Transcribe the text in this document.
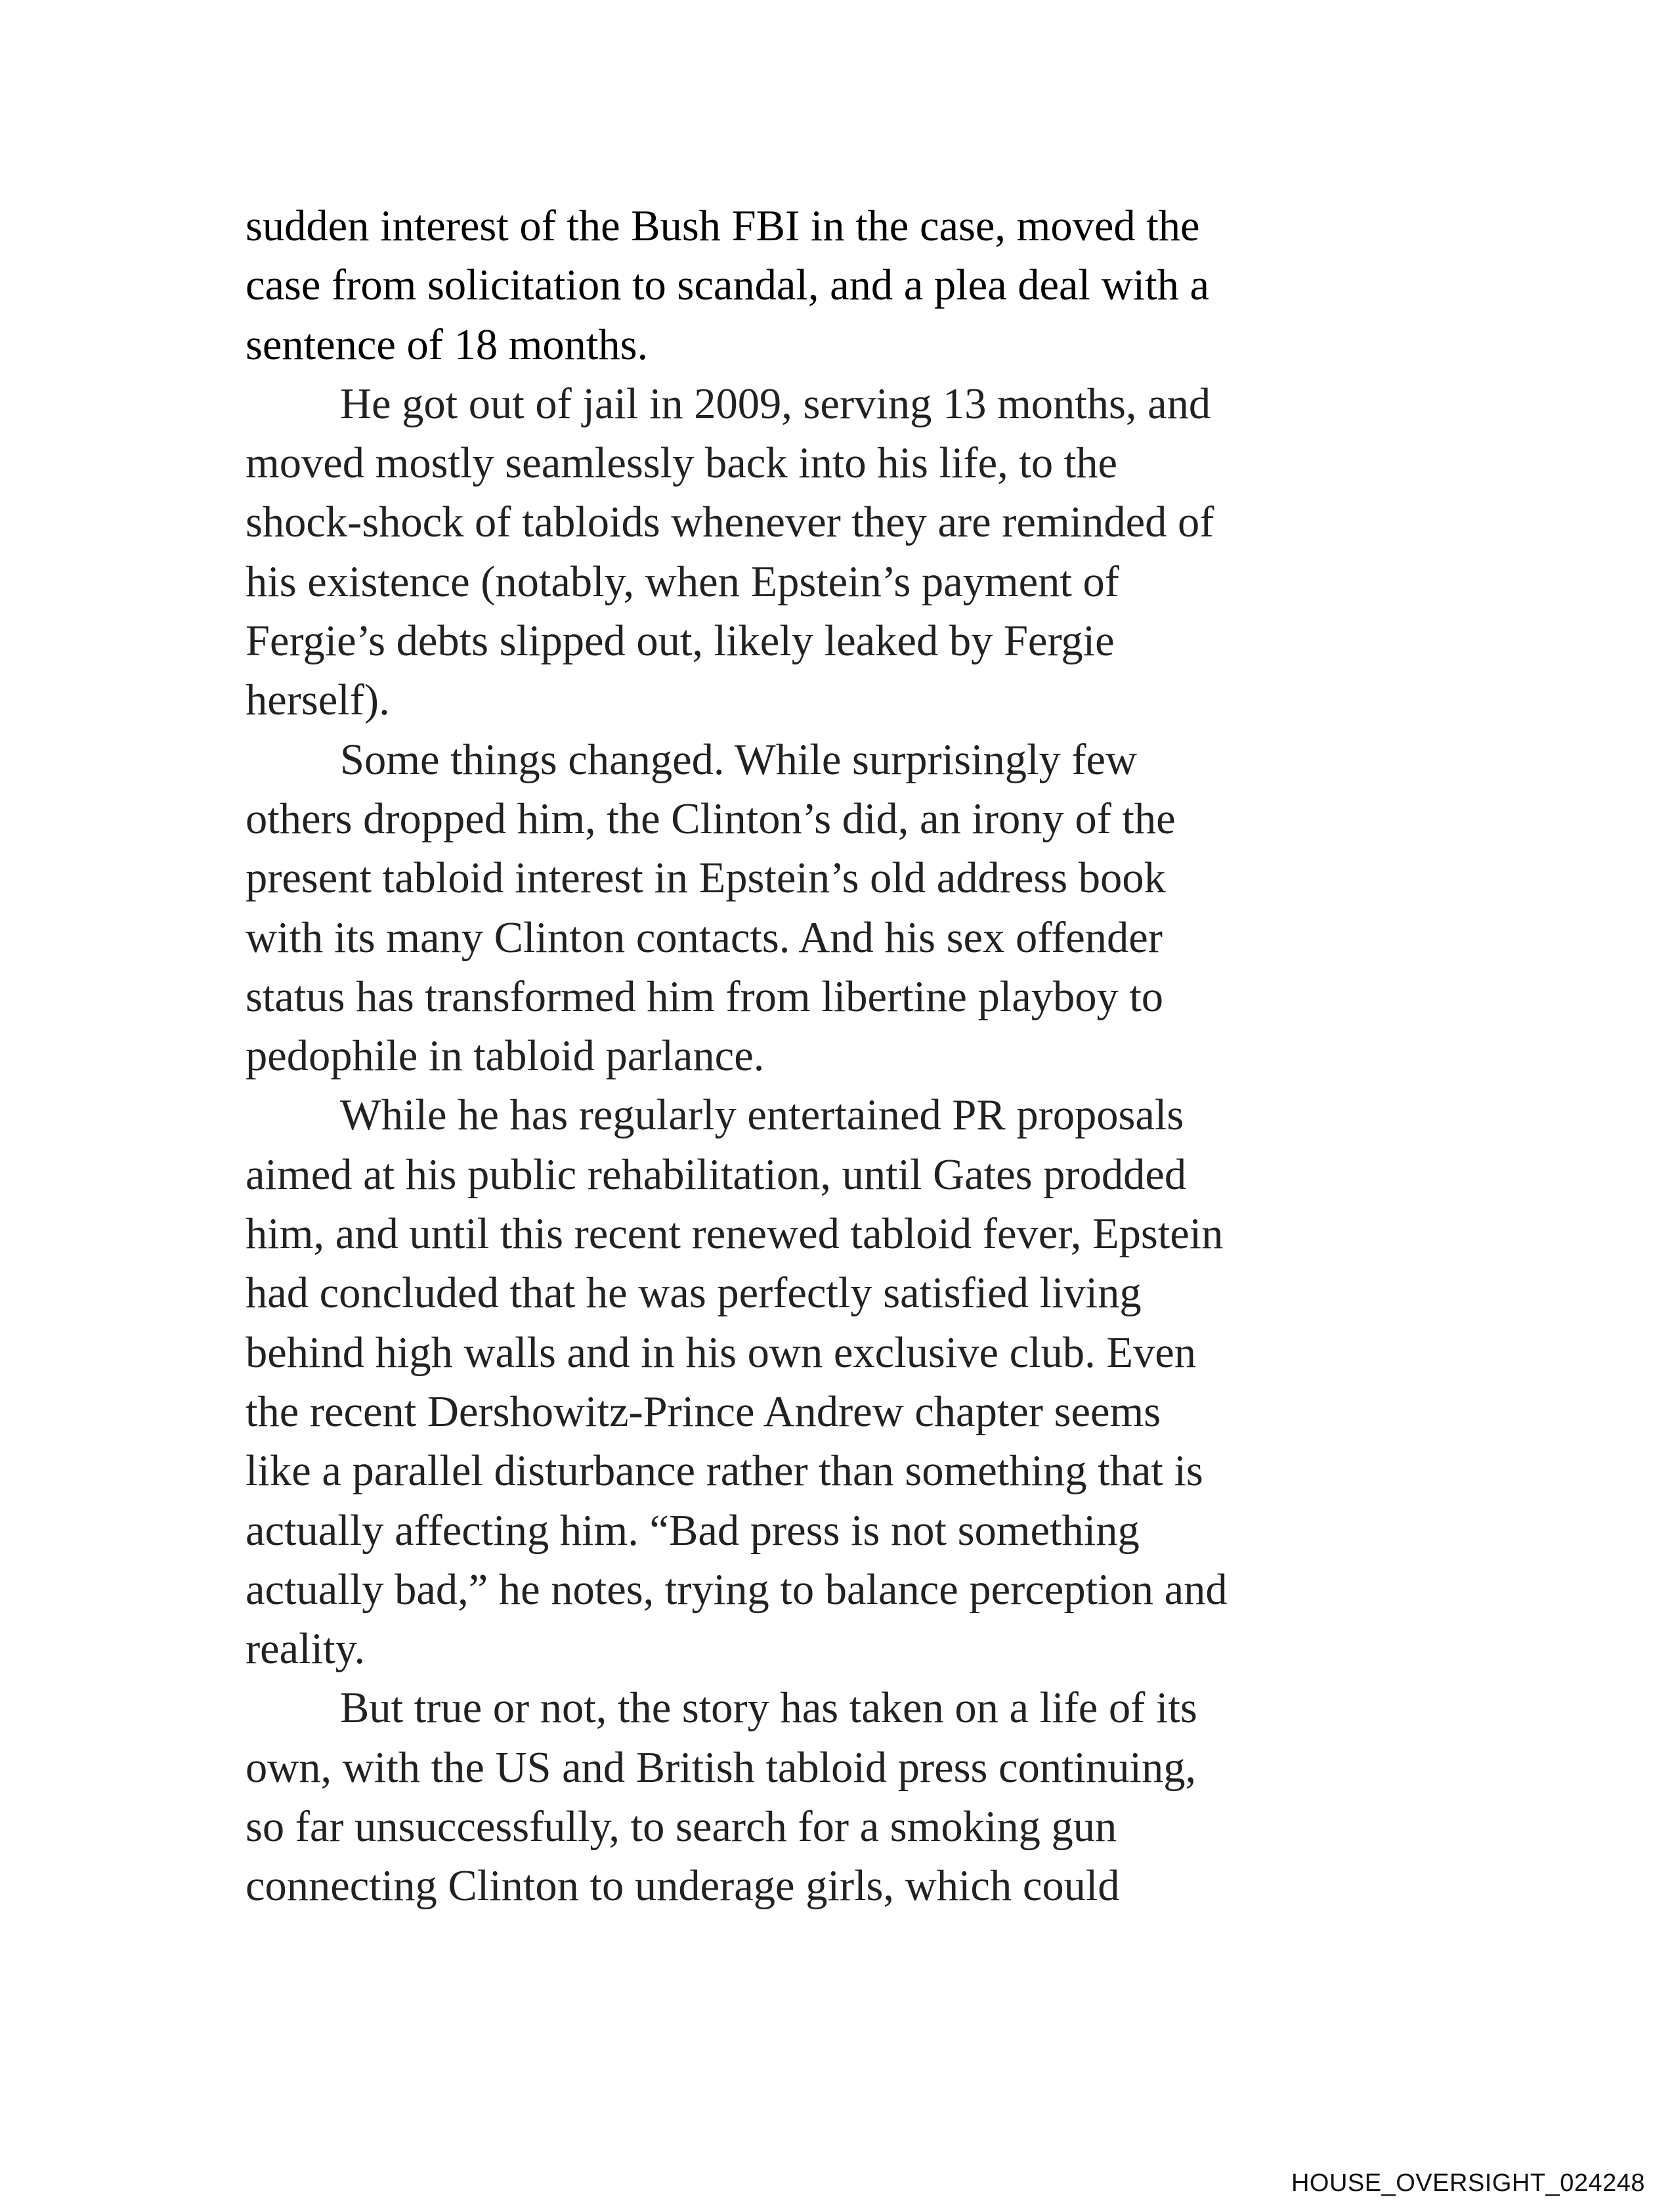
sudden interest of the Bush FBI in the case, moved the
case from solicitation to scandal, and a plea deal with a
sentence of 18 months.
He got out of jail in 2009, serving 13 months, and
moved mostly seamlessly back into his life, to the
shock-shock of tabloids whenever they are reminded of
his existence (notably, when Epstein’s payment of
Fergie’s debts slipped out, likely leaked by Fergie
herself).
Some things changed. While surprisingly few
others dropped him, the Clinton’s did, an irony of the
present tabloid interest in Epstein’s old address book
with its many Clinton contacts. And his sex offender
status has transformed him from libertine playboy to
pedophile in tabloid parlance.
While he has regularly entertained PR proposals
aimed at his public rehabilitation, until Gates prodded
him, and until this recent renewed tabloid fever, Epstein
had concluded that he was perfectly satisfied living
behind high walls and in his own exclusive club. Even
the recent Dershowitz-Prince Andrew chapter seems
like a parallel disturbance rather than something that is
actually affecting him. “Bad press is not something
actually bad,” he notes, trying to balance perception and
reality.
But true or not, the story has taken on a life of its
own, with the US and British tabloid press continuing,
so far unsuccessfully, to search for a smoking gun
connecting Clinton to underage girls, which could
HOUSE_OVERSIGHT_024248
